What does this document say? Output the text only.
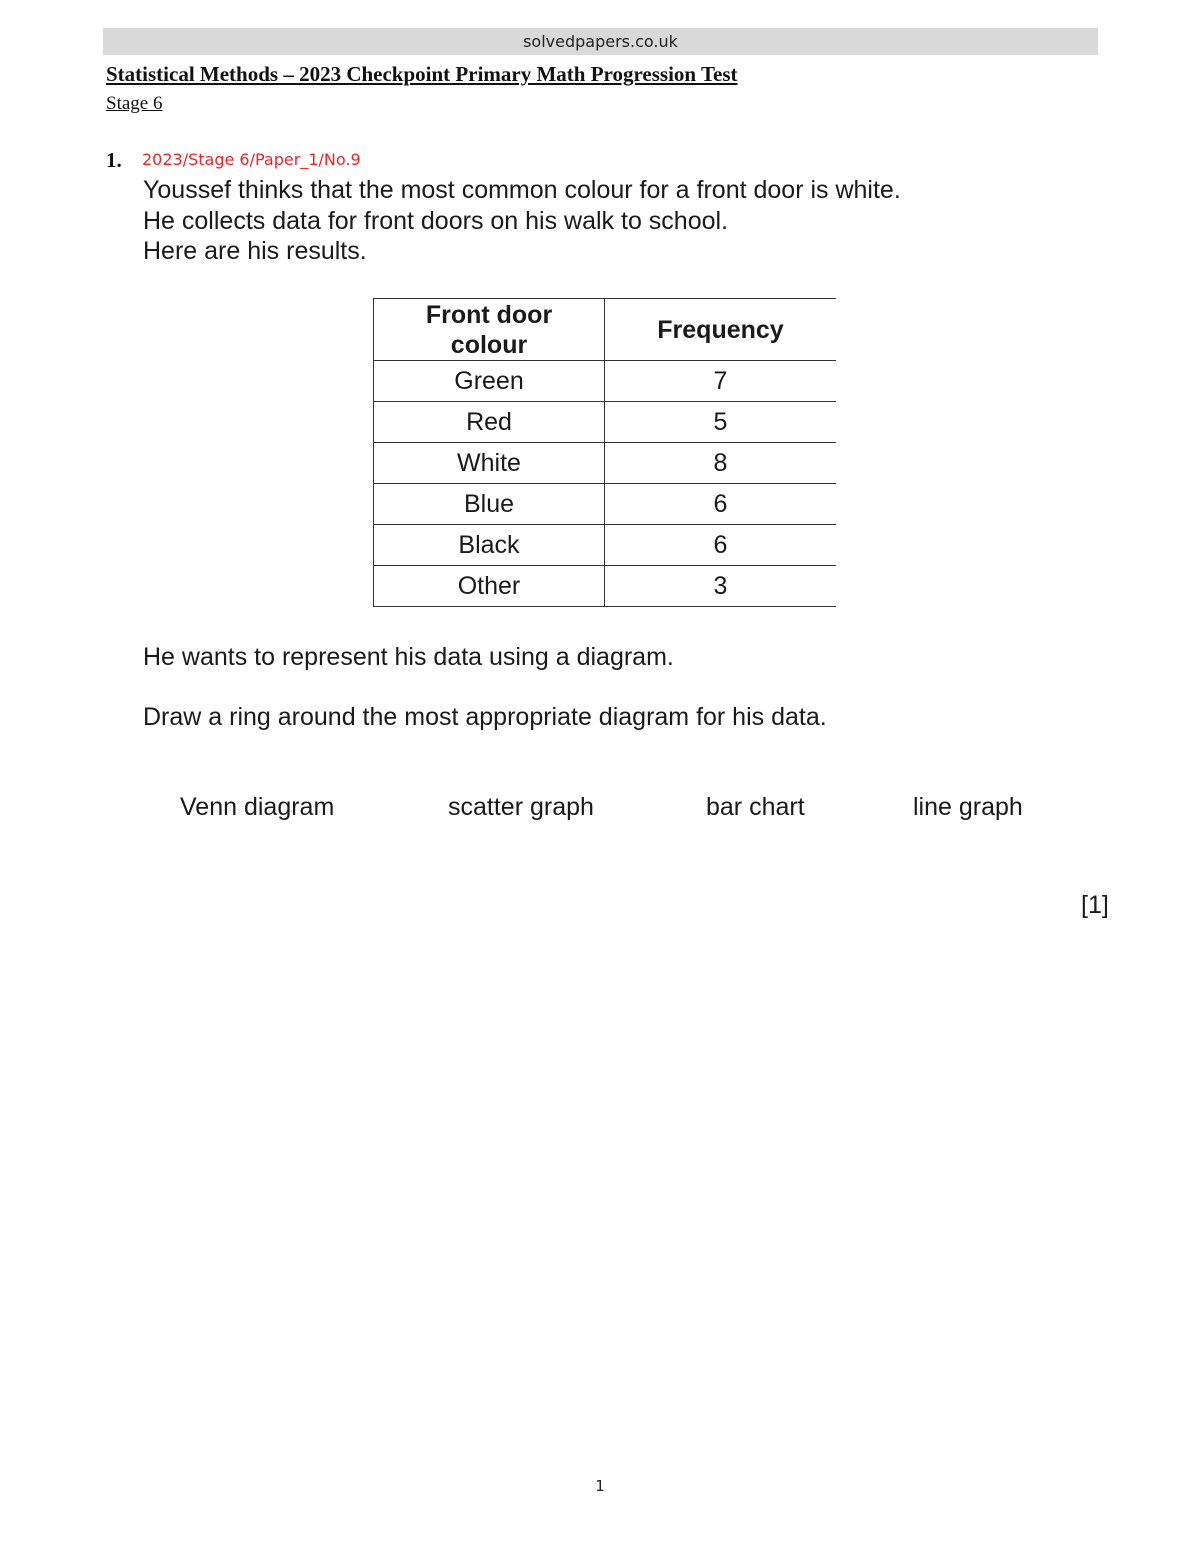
solvedpapers.co.uk
Statistical Methods – 2023 Checkpoint Primary Math Progression Test
Stage 6
1. 2023/Stage 6/Paper_1/No.9
Youssef thinks that the most common colour for a front door is white.
He collects data for front doors on his walk to school.
Here are his results.
Front door colour	Frequency
Green	7
Red	5
White	8
Blue	6
Black	6
Other	3
He wants to represent his data using a diagram.
Draw a ring around the most appropriate diagram for his data.
Venn diagram	scatter graph	bar chart	line graph
[1]
1
